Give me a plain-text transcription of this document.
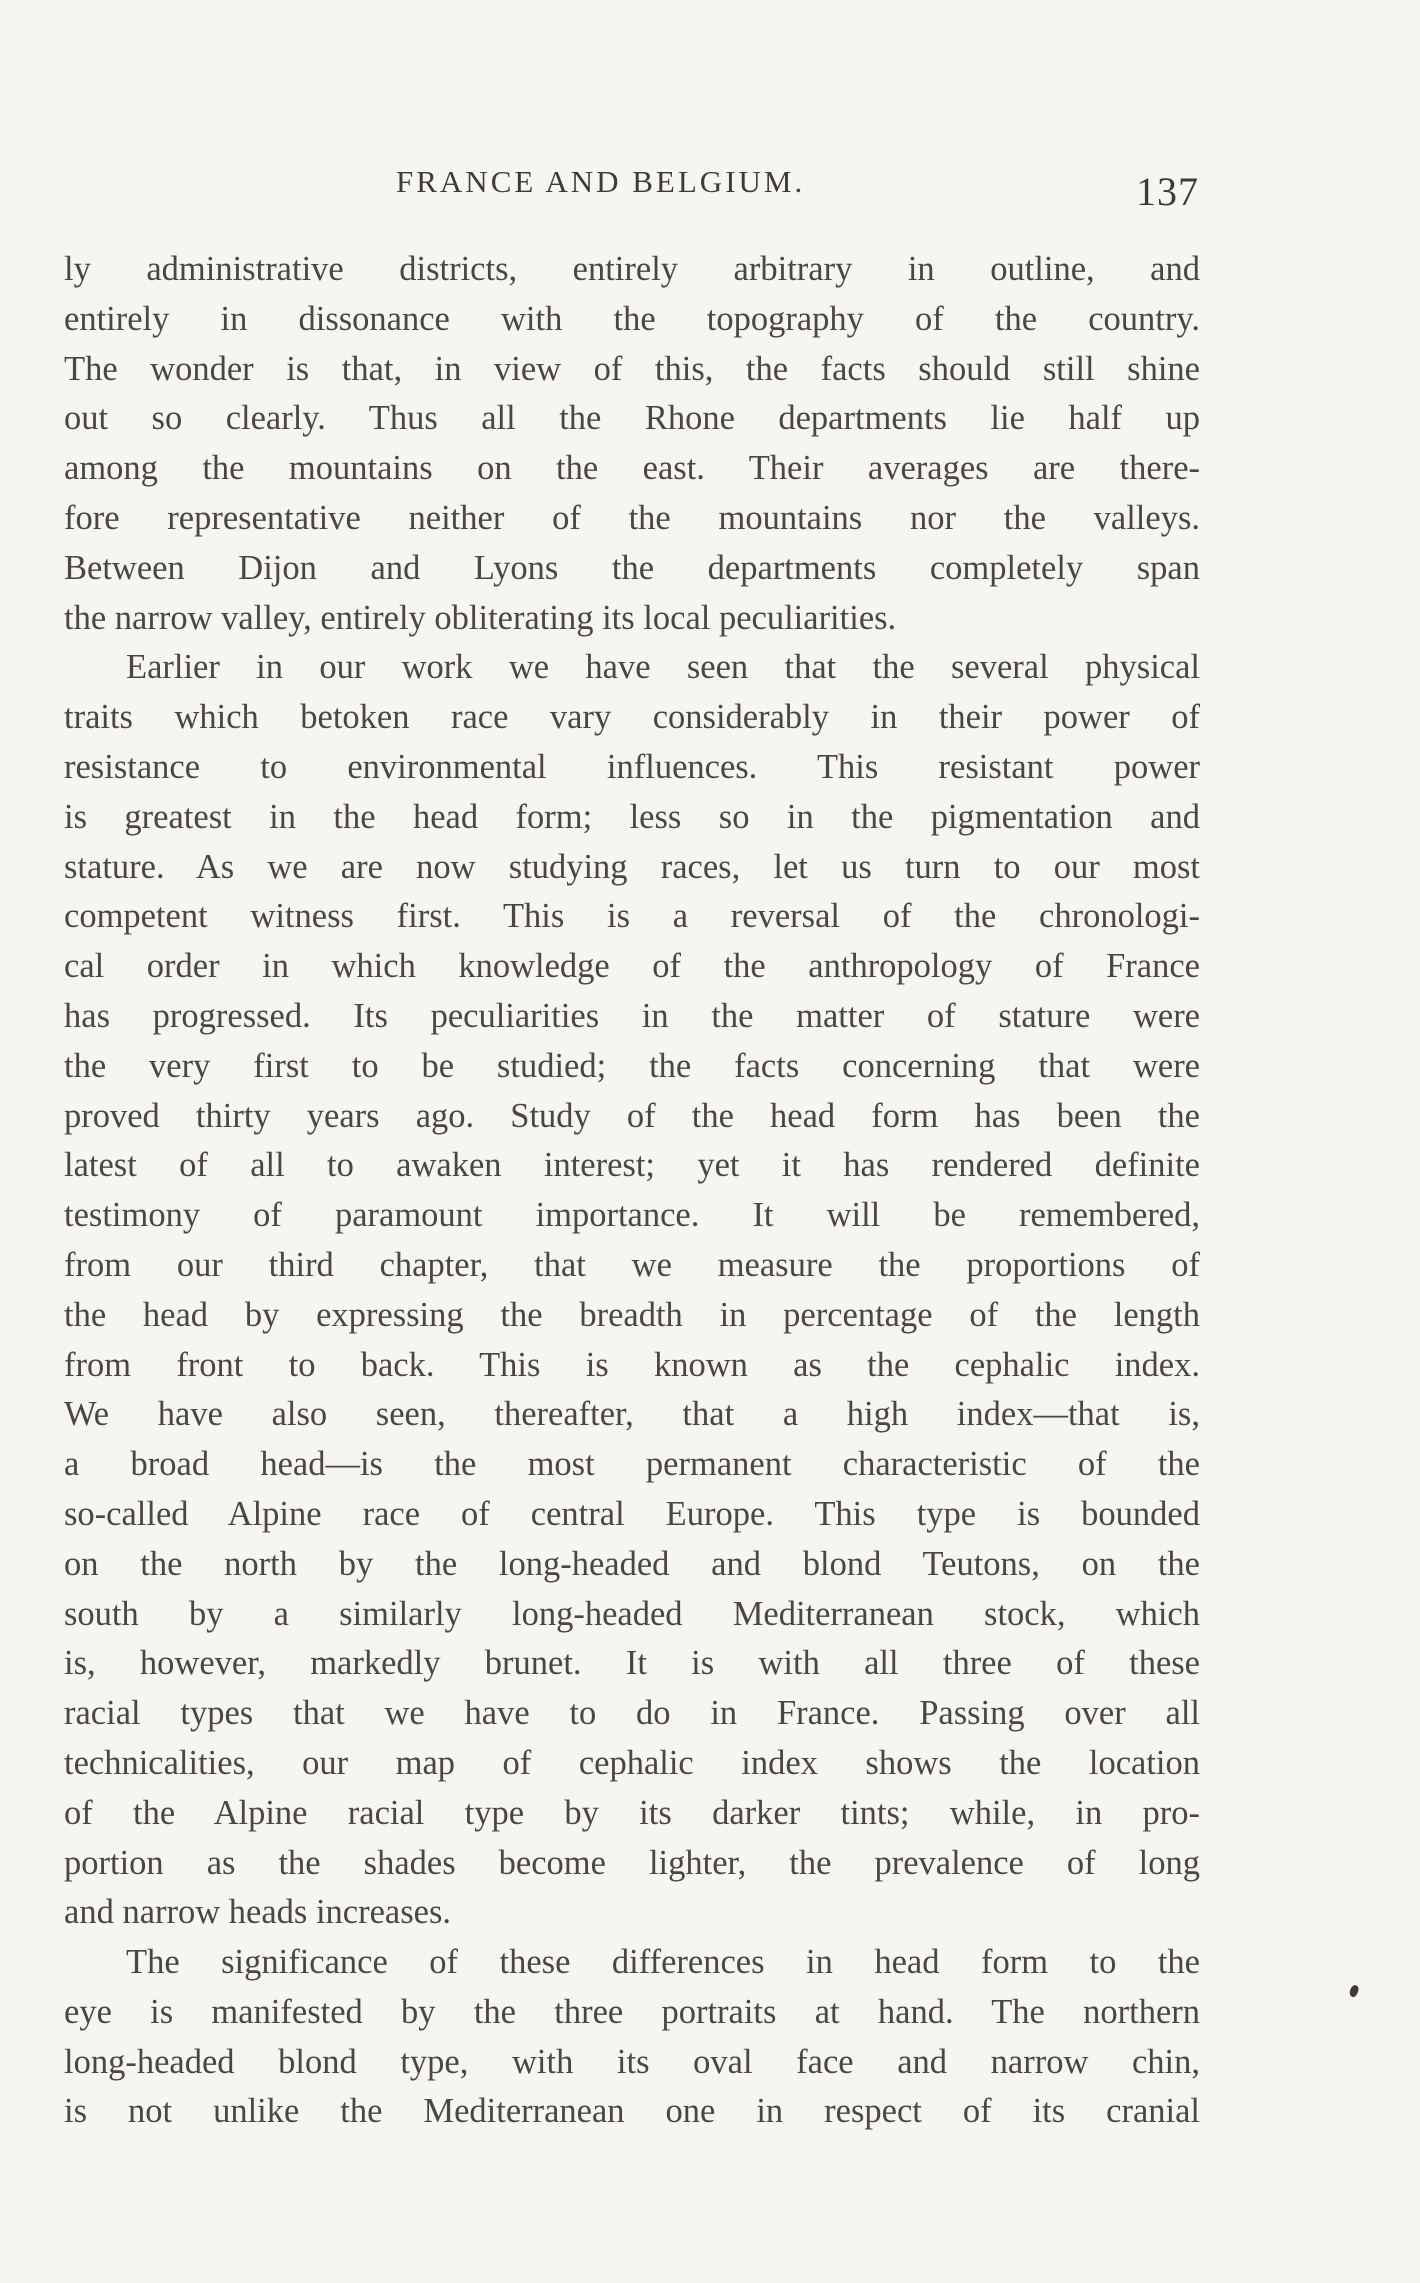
FRANCE AND BELGIUM.	137
ly administrative districts, entirely arbitrary in outline, and
entirely in dissonance with the topography of the country.
The wonder is that, in view of this, the facts should still shine
out so clearly. Thus all the Rhone departments lie half up
among the mountains on the east. Their averages are there-
fore representative neither of the mountains nor the valleys.
Between Dijon and Lyons the departments completely span
the narrow valley, entirely obliterating its local peculiarities.
Earlier in our work we have seen that the several physical
traits which betoken race vary considerably in their power of
resistance to environmental influences. This resistant power
is greatest in the head form; less so in the pigmentation and
stature. As we are now studying races, let us turn to our most
competent witness first. This is a reversal of the chronologi-
cal order in which knowledge of the anthropology of France
has progressed. Its peculiarities in the matter of stature were
the very first to be studied; the facts concerning that were
proved thirty years ago. Study of the head form has been the
latest of all to awaken interest; yet it has rendered definite
testimony of paramount importance. It will be remembered,
from our third chapter, that we measure the proportions of
the head by expressing the breadth in percentage of the length
from front to back. This is known as the cephalic index.
We have also seen, thereafter, that a high index—that is,
a broad head—is the most permanent characteristic of the
so-called Alpine race of central Europe. This type is bounded
on the north by the long-headed and blond Teutons, on the
south by a similarly long-headed Mediterranean stock, which
is, however, markedly brunet. It is with all three of these
racial types that we have to do in France. Passing over all
technicalities, our map of cephalic index shows the location
of the Alpine racial type by its darker tints; while, in pro-
portion as the shades become lighter, the prevalence of long
and narrow heads increases.
The significance of these differences in head form to the
eye is manifested by the three portraits at hand. The northern
long-headed blond type, with its oval face and narrow chin,
is not unlike the Mediterranean one in respect of its cranial
